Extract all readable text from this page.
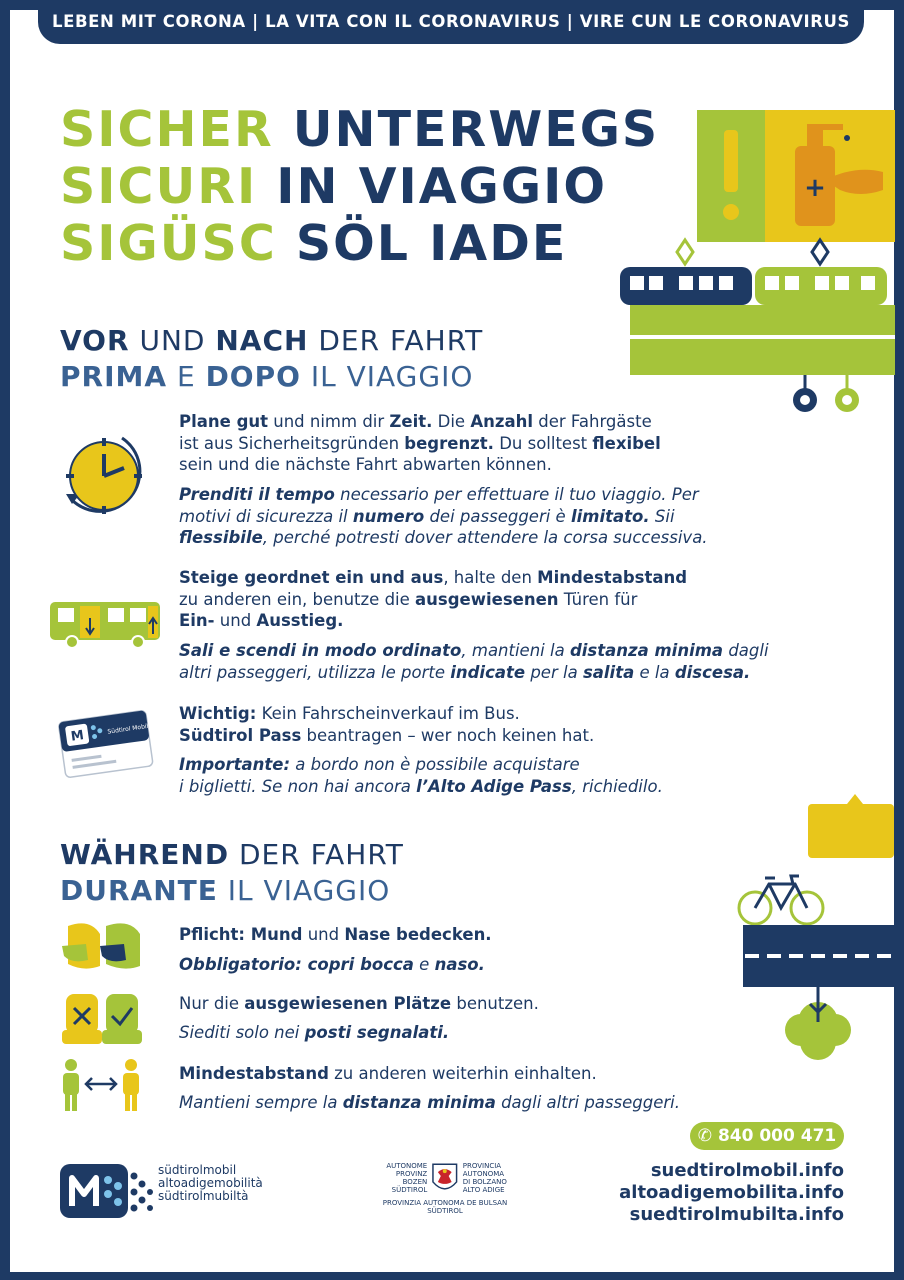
LEBEN MIT CORONA | LA VITA CON IL CORONAVIRUS | VIRE CUN LE CORONAVIRUS
SICHER UNTERWEGS
SICURI IN VIAGGIO
SIGÜSC SÖL IADE
+
VOR UND NACH DER FAHRT
PRIMA E DOPO IL VIAGGIO
Plane gut und nimm dir Zeit. Die Anzahl der Fahrgäste
ist aus Sicherheitsgründen begrenzt. Du solltest flexibel
sein und die nächste Fahrt abwarten können.
Prenditi il tempo necessario per effettuare il tuo viaggio. Per
motivi di sicurezza il numero dei passeggeri è limitato. Sii
flessibile, perché potresti dover attendere la corsa successiva.
Steige geordnet ein und aus, halte den Mindestabstand
zu anderen ein, benutze die ausgewiesenen Türen für
Ein- und Ausstieg.
Sali e scendi in modo ordinato, mantieni la distanza minima dagli
altri passeggeri, utilizza le porte indicate per la salita e la discesa.
M	Südtirol Mobil
Wichtig: Kein Fahrscheinverkauf im Bus.
Südtirol Pass beantragen – wer noch keinen hat.
Importante: a bordo non è possibile acquistare
i biglietti. Se non hai ancora l’Alto Adige Pass, richiedilo.
WÄHREND DER FAHRT
DURANTE IL VIAGGIO
Pflicht: Mund und Nase bedecken.
Obbligatorio: copri bocca e naso.
Nur die ausgewiesenen Plätze benutzen.
Siediti solo nei posti segnalati.
Mindestabstand zu anderen weiterhin einhalten.
Mantieni sempre la distanza minima dagli altri passeggeri.
✆ 840 000 471
südtirolmobil
altoadigemobilità
südtirolmubiltà
AUTONOME PROVINZ BOZEN SÜDTIROL
PROVINCIA AUTONOMA DI BOLZANO ALTO ADIGE
PROVINZIA AUTONOMA DE BULSAN SÜDTIROL
suedtirolmobil.info
altoadigemobilita.info
suedtirolmubilta.info
